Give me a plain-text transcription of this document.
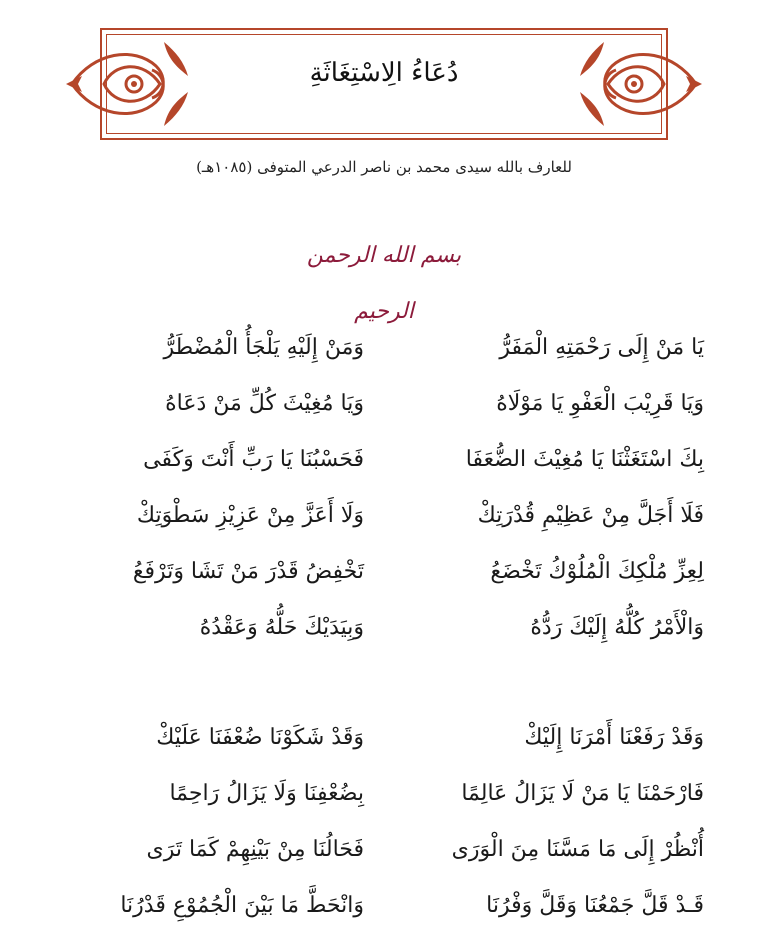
دُعَاءُ الِاسْتِغَاثَةِ
للعارف بالله سيدى محمد بن ناصر الدرعي المتوفى (١٠٨٥هـ)
بسم الله الرحمن الرحيم
يَا مَنْ إِلَى رَحْمَتِهِ الْمَفَرُّ
وَمَنْ إِلَيْهِ يَلْجَأُ الْمُضْطَرُّ
وَيَا قَرِيْبَ الْعَفْوِ يَا مَوْلَاهُ
وَيَا مُغِيْثَ كُلِّ مَنْ دَعَاهُ
بِكَ اسْتَغَثْنَا يَا مُغِيْثَ الضُّعَفَا
فَحَسْبُنَا يَا رَبِّ أَنْتَ وَكَفَى
فَلَا أَجَلَّ مِنْ عَظِيْمِ قُدْرَتِكْ
وَلَا أَعَزَّ مِنْ عَزِيْزِ سَطْوَتِكْ
لِعِزِّ مُلْكِكَ الْمُلُوْكُ تَخْضَعُ
تَخْفِضُ قَدْرَ مَنْ تَشَا وَتَرْفَعُ
وَالْأَمْرُ كُلُّهُ إِلَيْكَ رَدُّهُ
وَبِيَدَيْكَ حَلُّهُ وَعَقْدُهُ
وَقَدْ رَفَعْنَا أَمْرَنَا إِلَيْكْ
وَقَدْ شَكَوْنَا ضُعْفَنَا عَلَيْكْ
فَارْحَمْنَا يَا مَنْ لَا يَزَالُ عَالِمًا
بِضُعْفِنَا وَلَا يَزَالُ رَاحِمًا
أُنْظُرْ إِلَى مَا مَسَّنَا مِنَ الْوَرَى
فَحَالُنَا مِنْ بَيْنِهِمْ كَمَا تَرَى
قَـدْ قَلَّ جَمْعُنَا وَقَلَّ وَفْرُنَا
وَانْحَطَّ مَا بَيْنَ الْجُمُوْعِ قَدْرُنَا
